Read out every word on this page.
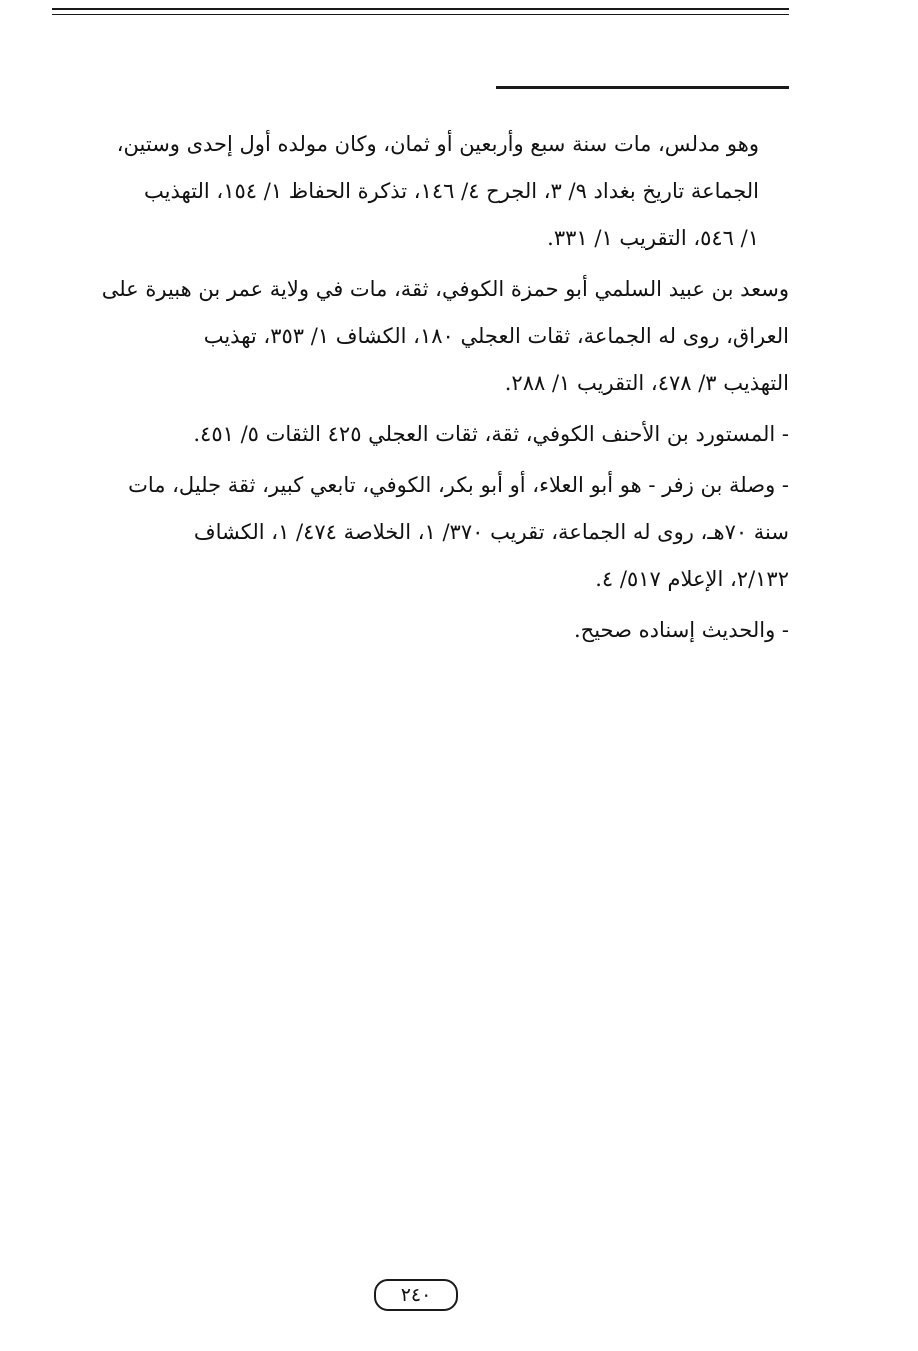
وهو مدلس، مات سنة سبع وأربعين أو ثمان، وكان مولده أول إحدى وستين،
الجماعة تاريخ بغداد ٩/ ٣، الجرح ٤/ ١٤٦، تذكرة الحفاظ ١/ ١٥٤، التهذيب
١/ ٥٤٦، التقريب ١/ ٣٣١.

وسعد بن عبيد السلمي أبو حمزة الكوفي، ثقة، مات في ولاية عمر بن هبيرة على
العراق، روى له الجماعة، ثقات العجلي ١٨٠، الكشاف ١/ ٣٥٣، تهذيب
التهذيب ٣/ ٤٧٨، التقريب ١/ ٢٨٨.

- المستورد بن الأحنف الكوفي، ثقة، ثقات العجلي ٤٢٥ الثقات ٥/ ٤٥١.

- وصلة بن زفر - هو أبو العلاء، أو أبو بكر، الكوفي، تابعي كبير، ثقة جليل، مات
سنة ٧٠هـ، روى له الجماعة، تقريب ٣٧٠/ ١، الخلاصة ٤٧٤/ ١، الكشاف
٢/١٣٢، الإعلام ٥١٧/ ٤.

- والحديث إسناده صحيح.

٢٤٠
